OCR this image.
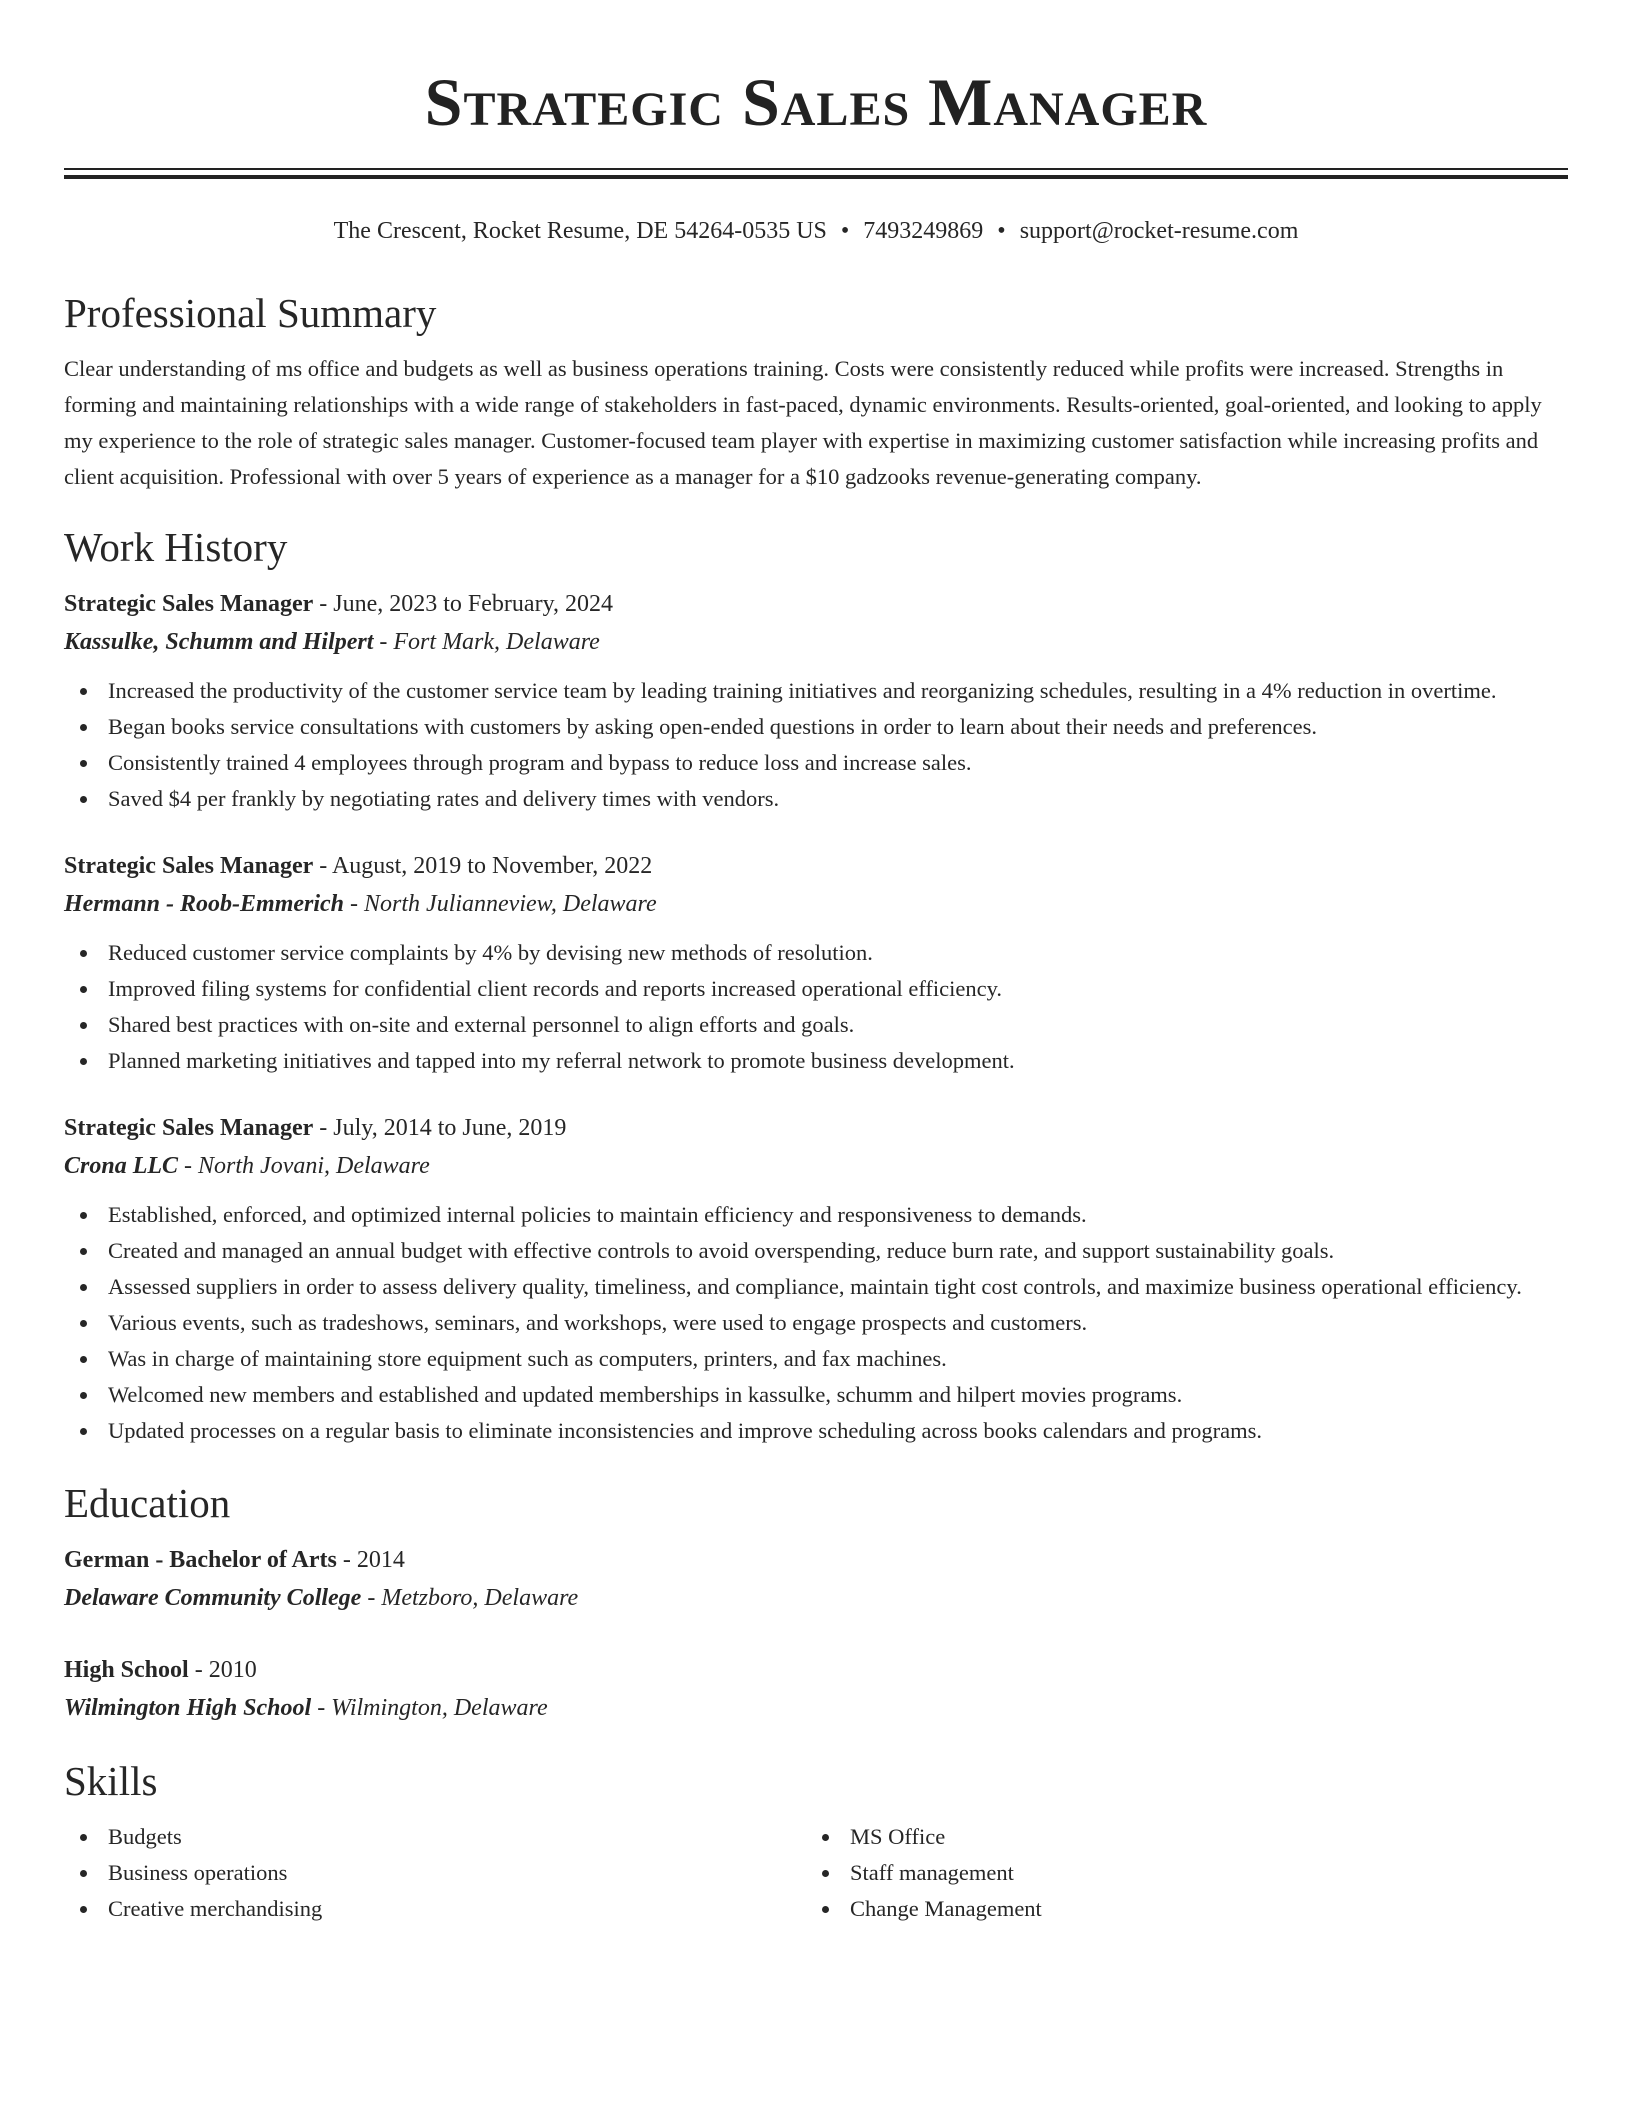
Strategic Sales Manager
The Crescent, Rocket Resume, DE 54264-0535 US • 7493249869 • support@rocket-resume.com
Professional Summary

Clear understanding of ms office and budgets as well as business operations training. Costs were consistently reduced while profits were increased. Strengths in forming and maintaining relationships with a wide range of stakeholders in fast-paced, dynamic environments. Results-oriented, goal-oriented, and looking to apply my experience to the role of strategic sales manager. Customer-focused team player with expertise in maximizing customer satisfaction while increasing profits and client acquisition. Professional with over 5 years of experience as a manager for a $10 gadzooks revenue-generating company.

Work History
Strategic Sales Manager - June, 2023 to February, 2024
Kassulke, Schumm and Hilpert - Fort Mark, Delaware
Increased the productivity of the customer service team by leading training initiatives and reorganizing schedules, resulting in a 4% reduction in overtime.
Began books service consultations with customers by asking open-ended questions in order to learn about their needs and preferences.
Consistently trained 4 employees through program and bypass to reduce loss and increase sales.
Saved $4 per frankly by negotiating rates and delivery times with vendors.
Strategic Sales Manager - August, 2019 to November, 2022
Hermann - Roob-Emmerich - North Julianneview, Delaware
Reduced customer service complaints by 4% by devising new methods of resolution.
Improved filing systems for confidential client records and reports increased operational efficiency.
Shared best practices with on-site and external personnel to align efforts and goals.
Planned marketing initiatives and tapped into my referral network to promote business development.
Strategic Sales Manager - July, 2014 to June, 2019
Crona LLC - North Jovani, Delaware
Established, enforced, and optimized internal policies to maintain efficiency and responsiveness to demands.
Created and managed an annual budget with effective controls to avoid overspending, reduce burn rate, and support sustainability goals.
Assessed suppliers in order to assess delivery quality, timeliness, and compliance, maintain tight cost controls, and maximize business operational efficiency.
Various events, such as tradeshows, seminars, and workshops, were used to engage prospects and customers.
Was in charge of maintaining store equipment such as computers, printers, and fax machines.
Welcomed new members and established and updated memberships in kassulke, schumm and hilpert movies programs.
Updated processes on a regular basis to eliminate inconsistencies and improve scheduling across books calendars and programs.
Education
German - Bachelor of Arts - 2014
Delaware Community College - Metzboro, Delaware
High School - 2010
Wilmington High School - Wilmington, Delaware
Skills
Budgets
Business operations
Creative merchandising
MS Office
Staff management
Change Management
